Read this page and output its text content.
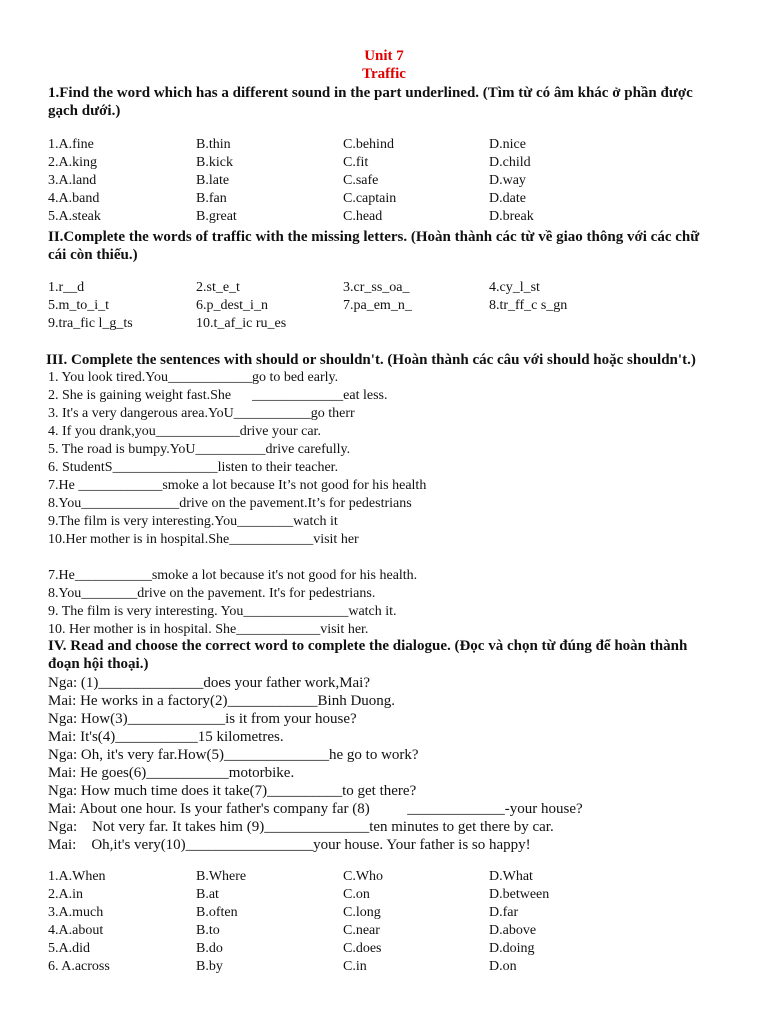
Unit 7
Traffic
1.Find the word which has a different sound in the part underlined. (Tìm từ có âm khác ở phần được gạch dưới.)
1.A.fine	B.thin	C.behind	D.nice
2.A.king	B.kick	C.fit	D.child
3.A.land	B.late	C.safe	D.way
4.A.band	B.fan	C.captain	D.date
5.A.steak	B.great	C.head	D.break
II.Complete the words of traffic with the missing letters. (Hoàn thành các từ về giao thông với các chữ cái còn thiếu.)
1.r__d	2.st_e_t	3.cr_ss_oa_	4.cy_l_st
5.m_to_i_t	6.p_dest_i_n	7.pa_em_n_	8.tr_ff_c s_gn
9.tra_fic l_g_ts	10.t_af_ic ru_es
III. Complete the sentences with should or shouldn't. (Hoàn thành các câu với should hoặc shouldn't.)
1. You look tired.You____________go to bed early.
2. She is gaining weight fast.She      _____________eat less.
3. It's a very dangerous area.YoU___________go therr
4. If you drank,you____________drive your car.
5. The road is bumpy.YoU__________drive carefully.
6. StudentS_______________listen to their teacher.
7.He ____________smoke a lot because It’s not good for his health
8.You______________drive on the pavement.It’s for pedestrians
9.The film is very interesting.You________watch it
10.Her mother is in hospital.She____________visit her
7.He___________smoke a lot because it's not good for his health.
8.You________drive on the pavement. It's for pedestrians.
9. The film is very interesting. You_______________watch it.
10. Her mother is in hospital. She____________visit her.
IV. Read and choose the correct word to complete the dialogue. (Đọc và chọn từ đúng để hoàn thành đoạn hội thoại.)
Nga: (1)______________does your father work,Mai?
Mai: He works in a factory(2)____________Binh Duong.
Nga: How(3)_____________is it from your house?
Mai: It's(4)___________15 kilometres.
Nga: Oh, it's very far.How(5)______________he go to work?
Mai: He goes(6)___________motorbike.
Nga: How much time does it take(7)__________to get there?
Mai: About one hour. Is your father's company far (8)          _____________-your house?
Nga:    Not very far. It takes him (9)______________ten minutes to get there by car.
Mai:    Oh,it's very(10)_________________your house. Your father is so happy!
1.A.When	B.Where	C.Who	D.What
2.A.in	B.at	C.on	D.between
3.A.much	B.often	C.long	D.far
4.A.about	B.to	C.near	D.above
5.A.did	B.do	C.does	D.doing
6. A.across	B.by	C.in	D.on
